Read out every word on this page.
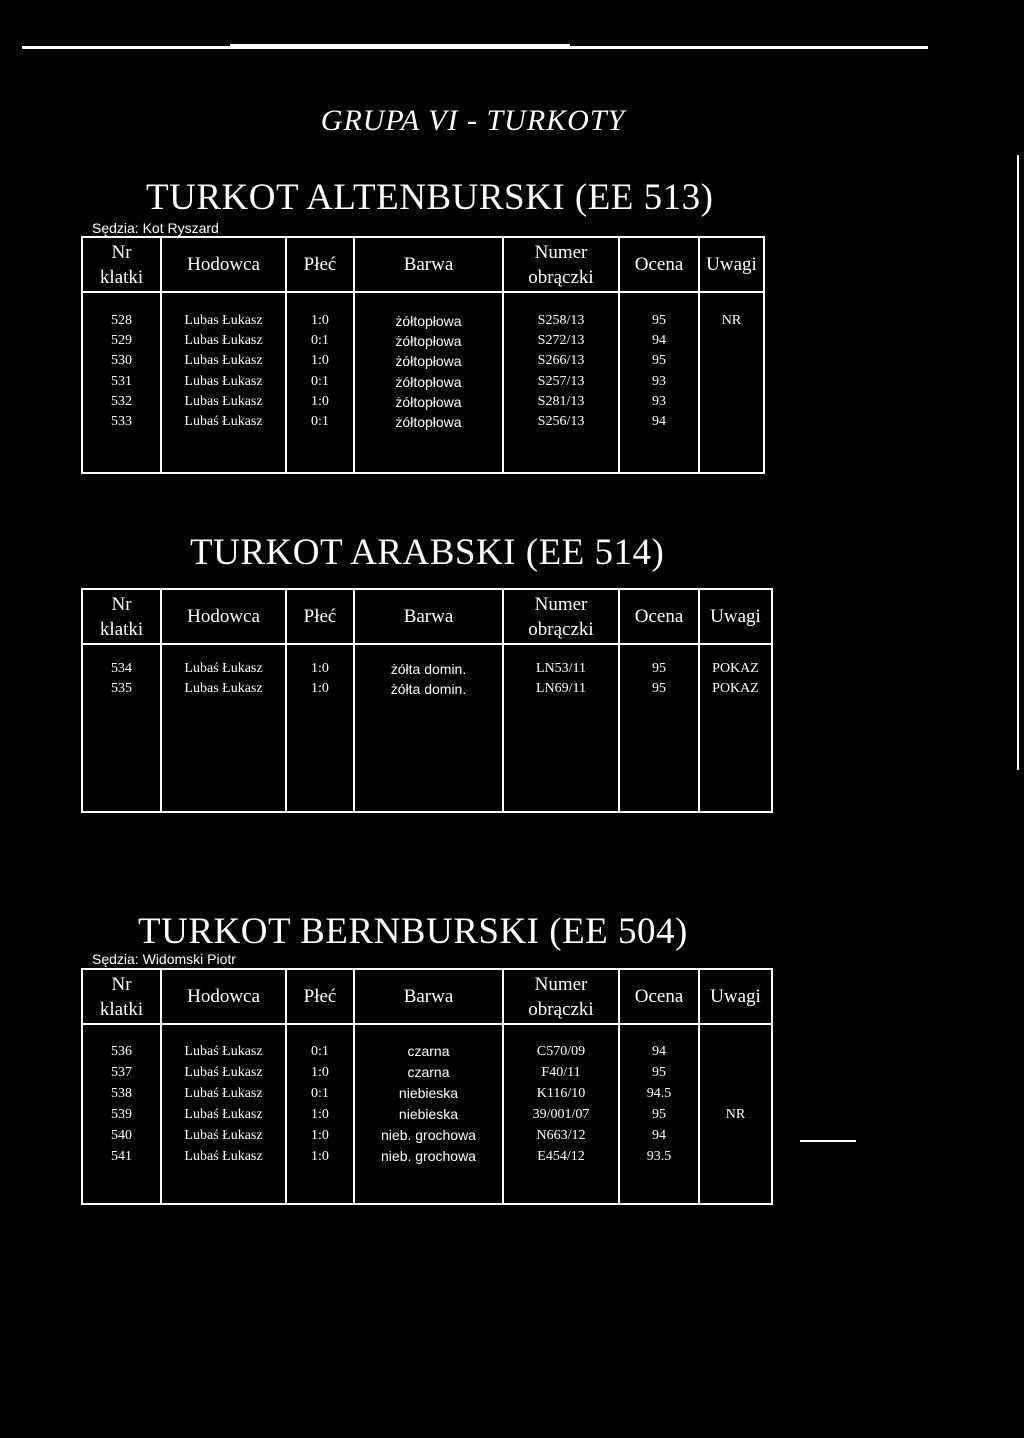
GRUPA VI - TURKOTY
TURKOT ALTENBURSKI (EE 513)
Sędzia: Kot Ryszard
Nr
klatki	Hodowca	Płeć	Barwa	Numer
obrączki	Ocena	Uwagi

528	Lubas Łukasz	1:0	żółtopłowa	S258/13	95	NR
529	Lubas Łukasz	0:1	żółtopłowa	S272/13	94	
530	Lubas Łukasz	1:0	żółtopłowa	S266/13	95	
531	Lubas Łukasz	0:1	żółtopłowa	S257/13	93	
532	Lubas Łukasz	1:0	żółtopłowa	S281/13	93	
533	Lubaś Łukasz	0:1	żółtopłowa	S256/13	94	

TURKOT ARABSKI (EE 514)
Nr
klatki	Hodowca	Płeć	Barwa	Numer
obrączki	Ocena	Uwagi

534	Lubaś Łukasz	1:0	żółta domin.	LN53/11	95	POKAZ
535	Lubas Łukasz	1:0	żółta domin.	LN69/11	95	POKAZ

TURKOT BERNBURSKI (EE 504)
Sędzia: Widomski Piotr
Nr
klatki	Hodowca	Płeć	Barwa	Numer
obrączki	Ocena	Uwagi

536	Lubaś Łukasz	0:1	czarna	C570/09	94	
537	Lubaś Łukasz	1:0	czarna	F40/11	95	
538	Lubaś Łukasz	0:1	niebieska	K116/10	94.5	
539	Lubaś Łukasz	1:0	niebieska	39/001/07	95	NR
540	Lubaś Łukasz	1:0	nieb. grochowa	N663/12	94	
541	Lubaś Łukasz	1:0	nieb. grochowa	E454/12	93.5	
